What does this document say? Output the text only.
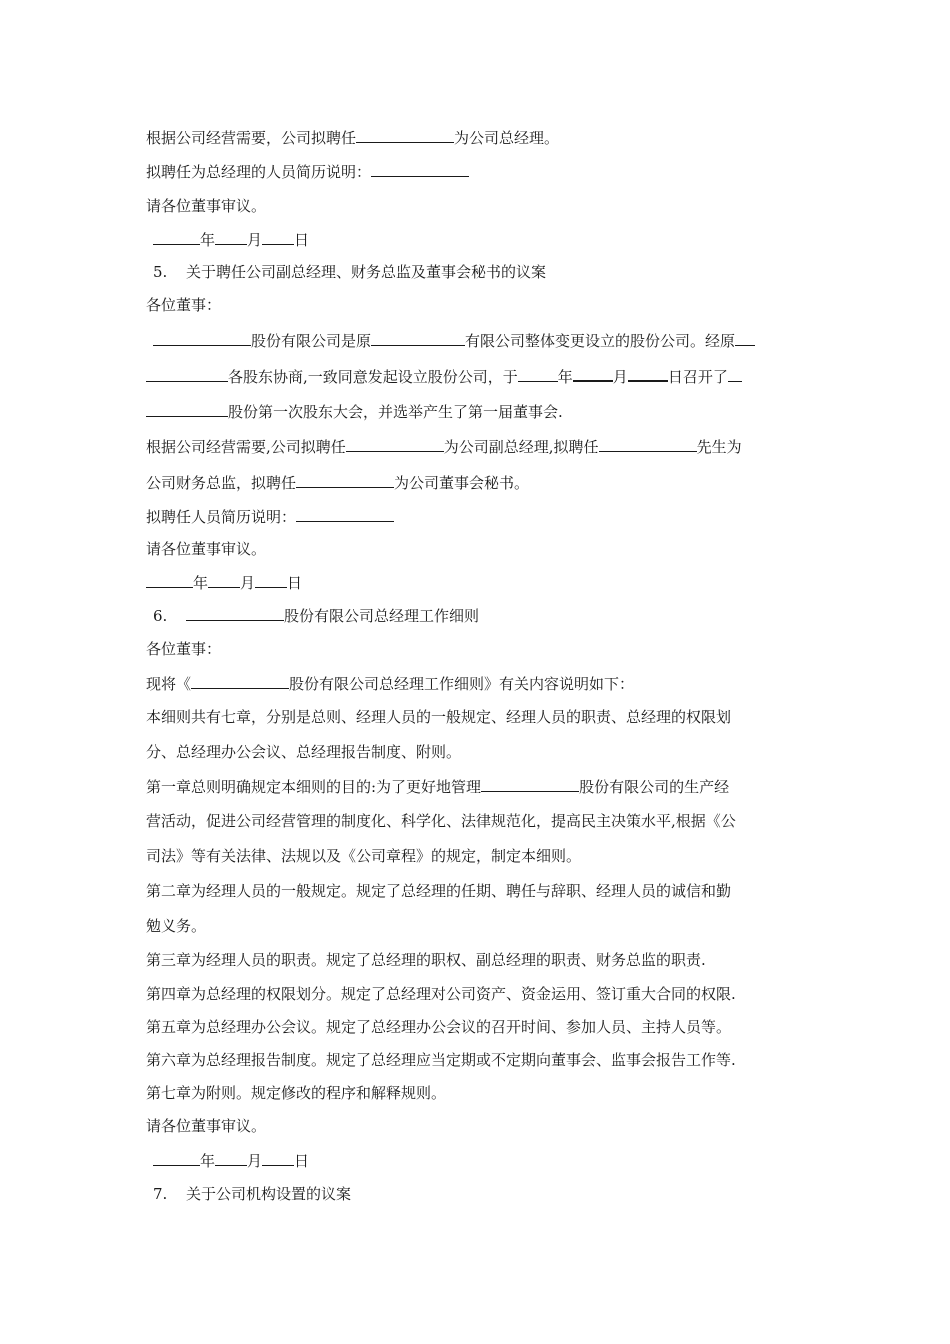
根据公司经营需要，公司拟聘任	为公司总经理。
拟聘任为总经理的人员简历说明：
请各位董事审议。
年 月 日
5. 关于聘任公司副总经理、财务总监及董事会秘书的议案
各位董事：
股份有限公司是原	有限公司整体变更设立的股份公司。经原
各股东协商,一致同意发起设立股份公司，于	年	月	日召开了
股份第一次股东大会，并选举产生了第一届董事会.
根据公司经营需要,公司拟聘任	为公司副总经理,拟聘任	先生为
公司财务总监，拟聘任	为公司董事会秘书。
拟聘任人员简历说明：
请各位董事审议。
年 月 日
6.	股份有限公司总经理工作细则
各位董事：
现将《	股份有限公司总经理工作细则》有关内容说明如下：
本细则共有七章，分别是总则、经理人员的一般规定、经理人员的职责、总经理的权限划
分、总经理办公会议、总经理报告制度、附则。
第一章总则明确规定本细则的目的:为了更好地管理	股份有限公司的生产经
营活动，促进公司经营管理的制度化、科学化、法律规范化，提高民主决策水平,根据《公
司法》等有关法律、法规以及《公司章程》的规定，制定本细则。
第二章为经理人员的一般规定。规定了总经理的任期、聘任与辞职、经理人员的诚信和勤
勉义务。
第三章为经理人员的职责。规定了总经理的职权、副总经理的职责、财务总监的职责.
第四章为总经理的权限划分。规定了总经理对公司资产、资金运用、签订重大合同的权限.
第五章为总经理办公会议。规定了总经理办公会议的召开时间、参加人员、主持人员等。
第六章为总经理报告制度。规定了总经理应当定期或不定期向董事会、监事会报告工作等.
第七章为附则。规定修改的程序和解释规则。
请各位董事审议。
年 月 日
7. 关于公司机构设置的议案
